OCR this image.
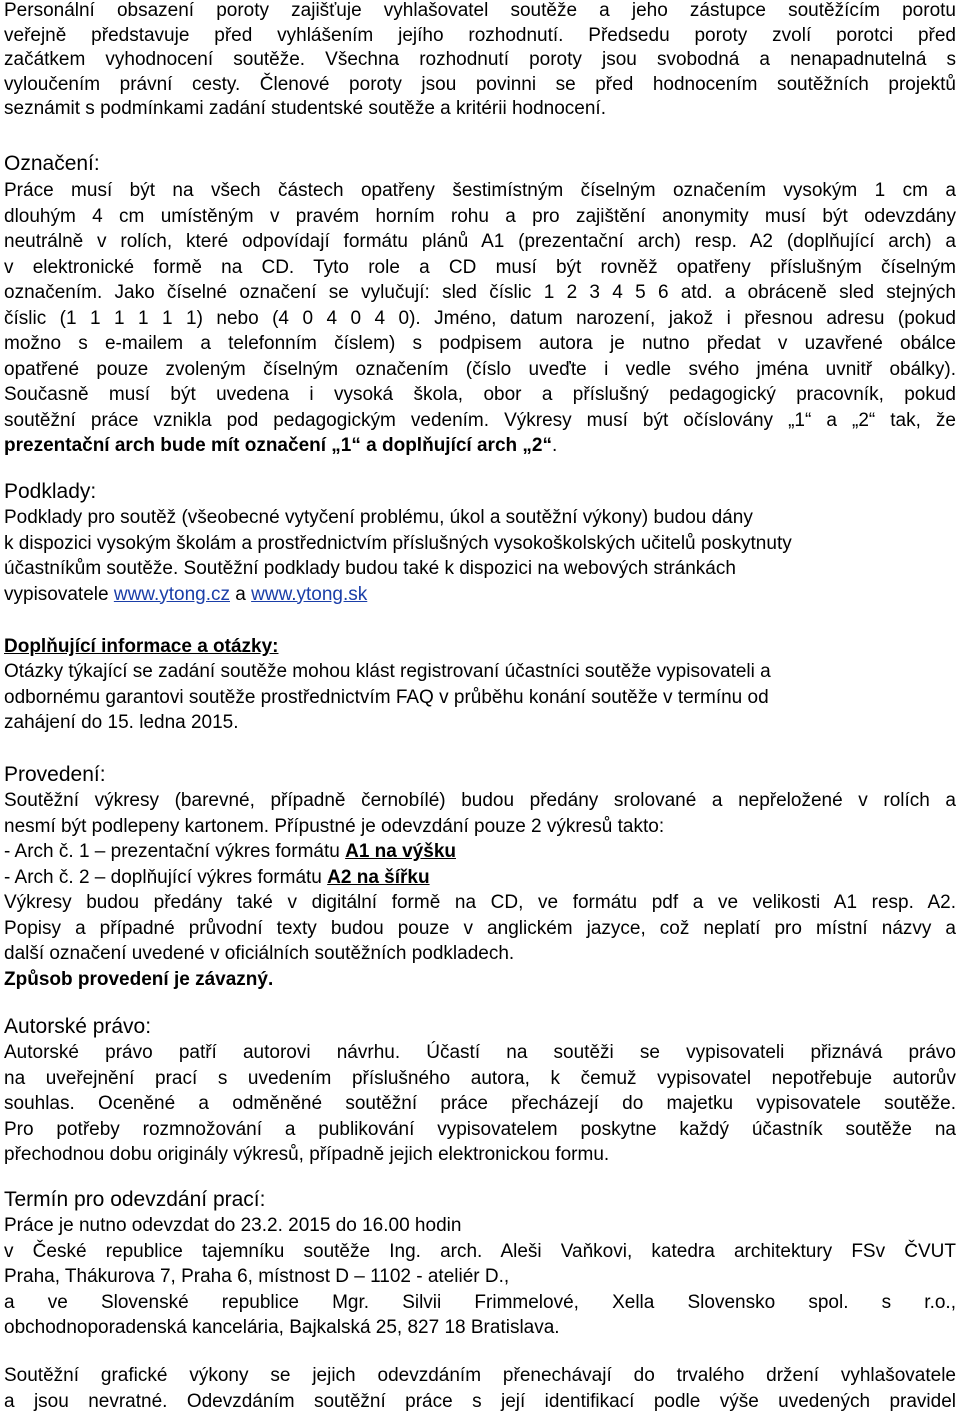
Personální obsazení poroty zajišťuje vyhlašovatel soutěže a jeho zástupce soutěžícím porotu

veřejně představuje před vyhlášením jejího rozhodnutí. Předsedu poroty zvolí porotci před

začátkem vyhodnocení soutěže. Všechna rozhodnutí poroty jsou svobodná a nenapadnutelná s

vyloučením právní cesty. Členové poroty jsou povinni se před hodnocením soutěžních projektů

seznámit s podmínkami zadání studentské soutěže a kritérii hodnocení.

Označení:

Práce musí být na všech částech opatřeny šestimístným číselným označením vysokým 1 cm a

dlouhým 4 cm umístěným v pravém horním rohu a pro zajištění anonymity musí být odevzdány

neutrálně v rolích, které odpovídají formátu plánů A1 (prezentační arch) resp. A2 (doplňující arch) a

v elektronické formě na CD. Tyto role a CD musí být rovněž opatřeny příslušným číselným

označením. Jako číselné označení se vylučují: sled číslic 1 2 3 4 5 6 atd. a obráceně sled stejných

číslic (1 1 1 1 1 1) nebo (4 0 4 0 4 0). Jméno, datum narození, jakož i přesnou adresu (pokud

možno s e-mailem a telefonním číslem) s podpisem autora je nutno předat v uzavřené obálce

opatřené pouze zvoleným číselným označením (číslo uveďte i vedle svého jména uvnitř obálky).

Současně musí být uvedena i vysoká škola, obor a příslušný pedagogický pracovník, pokud

soutěžní práce vznikla pod pedagogickým vedením. Výkresy musí být očíslovány „1“ a „2“ tak, že

prezentační arch bude mít označení „1“ a doplňující arch „2“.

Podklady:

Podklady pro soutěž (všeobecné vytyčení problému, úkol a soutěžní výkony) budou dány

k dispozici vysokým školám a prostřednictvím příslušných vysokoškolských učitelů poskytnuty

účastníkům soutěže. Soutěžní podklady budou také k dispozici na webových stránkách

vypisovatele www.ytong.cz a www.ytong.sk

Doplňující informace a otázky:

Otázky týkající se zadání soutěže mohou klást registrovaní účastníci soutěže vypisovateli a

odbornému garantovi soutěže prostřednictvím FAQ v průběhu konání soutěže v termínu od

zahájení do 15. ledna 2015.

Provedení:

Soutěžní výkresy (barevné, případně černobílé) budou předány srolované a nepřeložené v rolích a

nesmí být podlepeny kartonem. Přípustné je odevzdání pouze 2 výkresů takto:

- Arch č. 1 – prezentační výkres formátu A1 na výšku

- Arch č. 2 – doplňující výkres formátu A2 na šířku

Výkresy budou předány také v digitální formě na CD, ve formátu pdf a ve velikosti A1 resp. A2.

Popisy a případné průvodní texty budou pouze v anglickém jazyce, což neplatí pro místní názvy a

další označení uvedené v oficiálních soutěžních podkladech.

Způsob provedení je závazný.

Autorské právo:

Autorské právo patří autorovi návrhu. Účastí na soutěži se vypisovateli přiznává právo

na uveřejnění prací s uvedením příslušného autora, k čemuž vypisovatel nepotřebuje autorův

souhlas. Oceněné a odměněné soutěžní práce přecházejí do majetku vypisovatele soutěže.

Pro potřeby rozmnožování a publikování vypisovatelem poskytne každý účastník soutěže na

přechodnou dobu originály výkresů, případně jejich elektronickou formu.

Termín pro odevzdání prací:

Práce je nutno odevzdat do 23.2. 2015 do 16.00 hodin

v České republice tajemníku soutěže Ing. arch. Aleši Vaňkovi, katedra architektury FSv ČVUT

Praha, Thákurova 7, Praha 6, místnost D – 1102 - ateliér D.,

a ve Slovenské republice Mgr. Silvii Frimmelové, Xella Slovensko spol. s r.o.,

obchodnoporadenská kancelária, Bajkalská 25, 827 18 Bratislava.

Soutěžní grafické výkony se jejich odevzdáním přenechávají do trvalého držení vyhlašovatele

a jsou nevratné. Odevzdáním soutěžní práce s její identifikací podle výše uvedených pravidel
